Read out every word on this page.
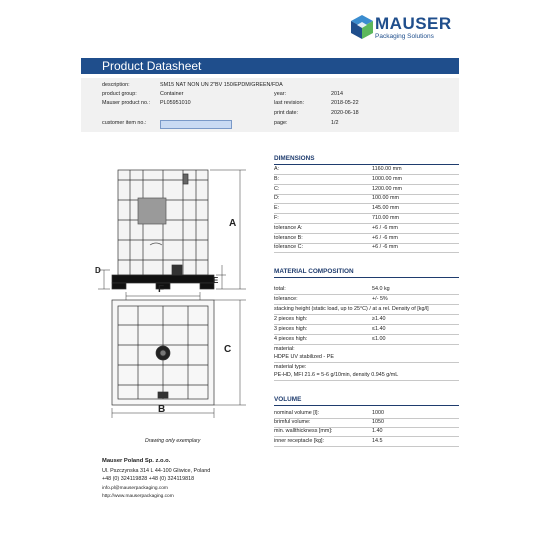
MAUSER
Packaging Solutions
Product Datasheet
description:	SM15 NAT NON UN 2"BV 150/EPDM/GREEN/FDA
product group:	Container
Mauser product no.: PL05951010
customer item no.:
year:	2014
last revision:	2018-05-22
print date:	2020-06-18
page:	1/2
A
D
E
F
C
B
Drawing only exemplary
DIMENSIONS
A:	1160.00 mm
B:	1000.00 mm
C:	1200.00 mm
D:	100.00 mm
E:	145.00 mm
F:	710.00 mm
tolerance A:	+6 / -6 mm
tolerance B:	+6 / -6 mm
tolerance C:	+6 / -6 mm
MATERIAL COMPOSITION
total:	54.0 kg
tolerance:	+/- 5%
stacking height (static load, up to 25°C) / at a rel. Density of [kg/l]
2 pieces high:	≥1.40
3 pieces high:	≤1.40
4 pieces high:	≤1.00
material:
HDPE UV stabilized - PE
material type:
PE-HD, MFI 21.6 = 5-6 g/10min, density 0.945 g/mL
VOLUME
nominal volume [l]:	1000
brimful volume:	1050
min. wallthickness [mm]:	1.40
inner receptacle [kg]:	14.5
Mauser Poland Sp. z.o.o.
Ul. Pszczynska 314 L 44-100 Gliwice, Poland
+48 (0) 324119828 +48 (0) 324119818
info.pl@mauserpackaging.com
http://www.mauserpackaging.com
